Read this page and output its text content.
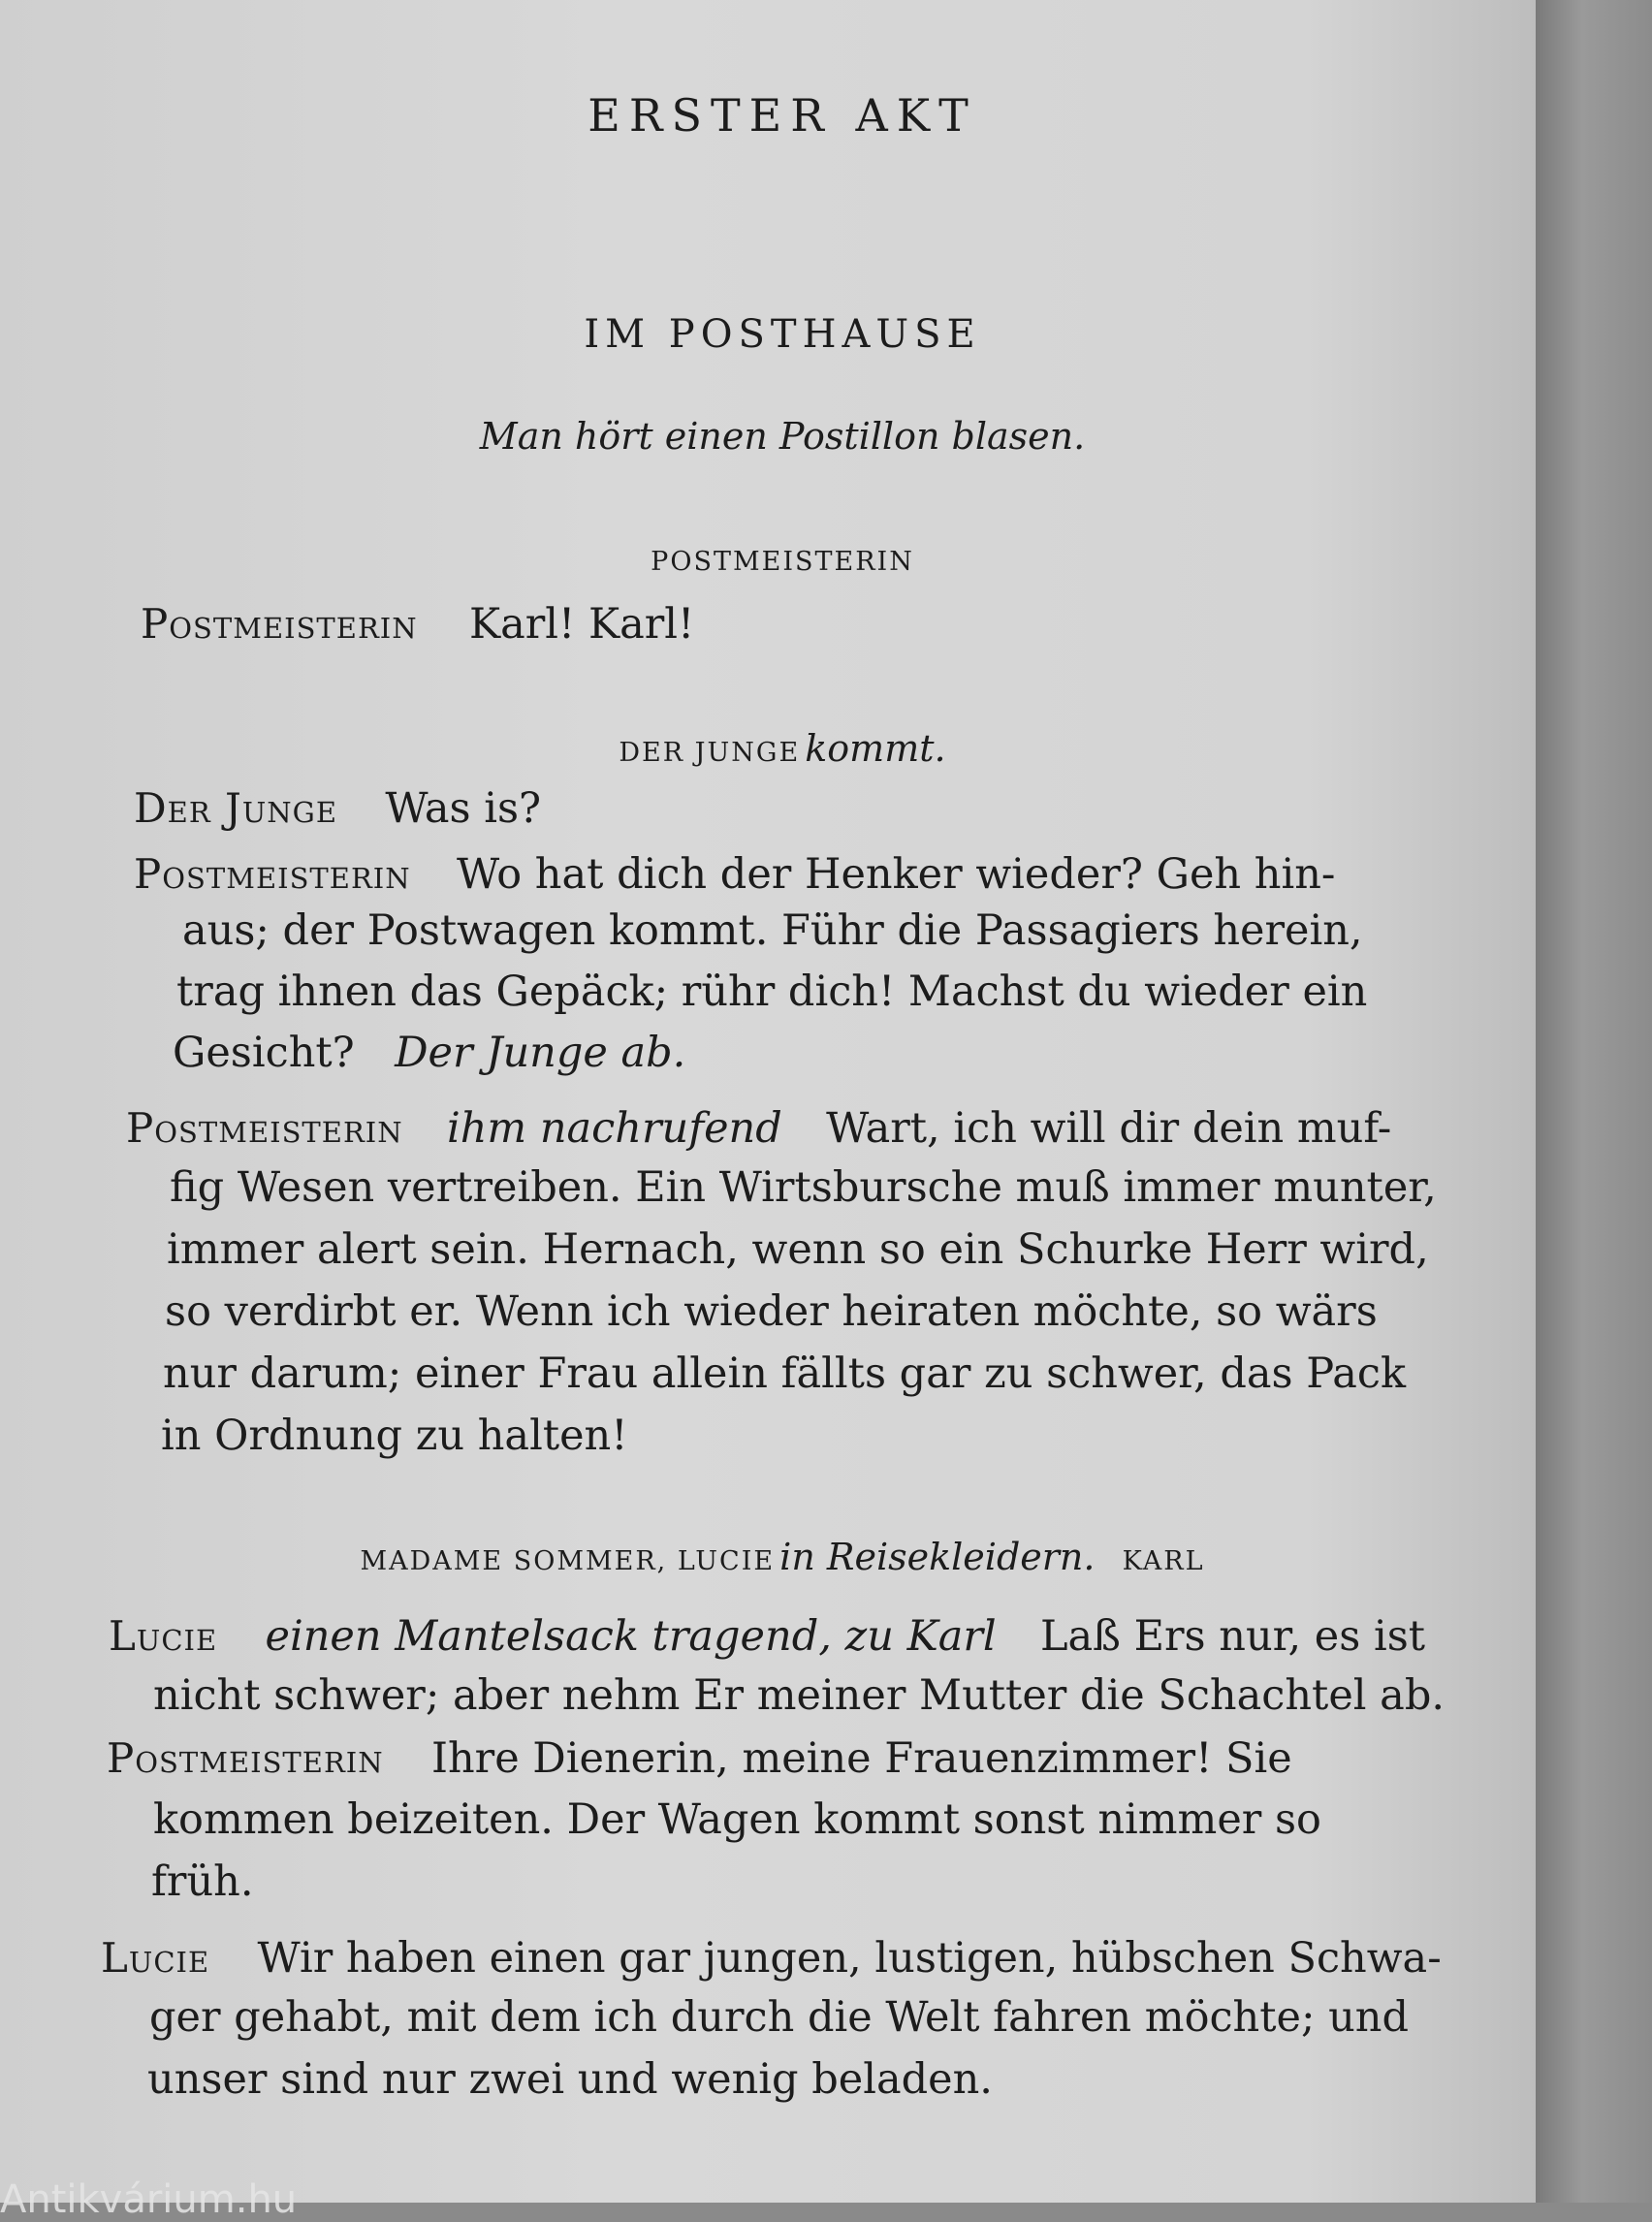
ERSTER AKT
IM POSTHAUSE
Man hört einen Postillon blasen.
POSTMEISTERIN
Postmeisterin Karl! Karl!
DER JUNGE kommt.
Der Junge Was is?
Postmeisterin Wo hat dich der Henker wieder? Geh hin-
aus; der Postwagen kommt. Führ die Passagiers herein,
trag ihnen das Gepäck; rühr dich! Machst du wieder ein
Gesicht? Der Junge ab.
Postmeisterin ihm nachrufend Wart, ich will dir dein muf-
fig Wesen vertreiben. Ein Wirtsbursche muß immer munter,
immer alert sein. Hernach, wenn so ein Schurke Herr wird,
so verdirbt er. Wenn ich wieder heiraten möchte, so wärs
nur darum; einer Frau allein fällts gar zu schwer, das Pack
in Ordnung zu halten!
MADAME SOMMER, LUCIE in Reisekleidern. KARL
Lucie einen Mantelsack tragend, zu Karl Laß Ers nur, es ist
nicht schwer; aber nehm Er meiner Mutter die Schachtel ab.
Postmeisterin Ihre Dienerin, meine Frauenzimmer! Sie
kommen beizeiten. Der Wagen kommt sonst nimmer so
früh.
Lucie Wir haben einen gar jungen, lustigen, hübschen Schwa-
ger gehabt, mit dem ich durch die Welt fahren möchte; und
unser sind nur zwei und wenig beladen.
Antikvárium.hu
